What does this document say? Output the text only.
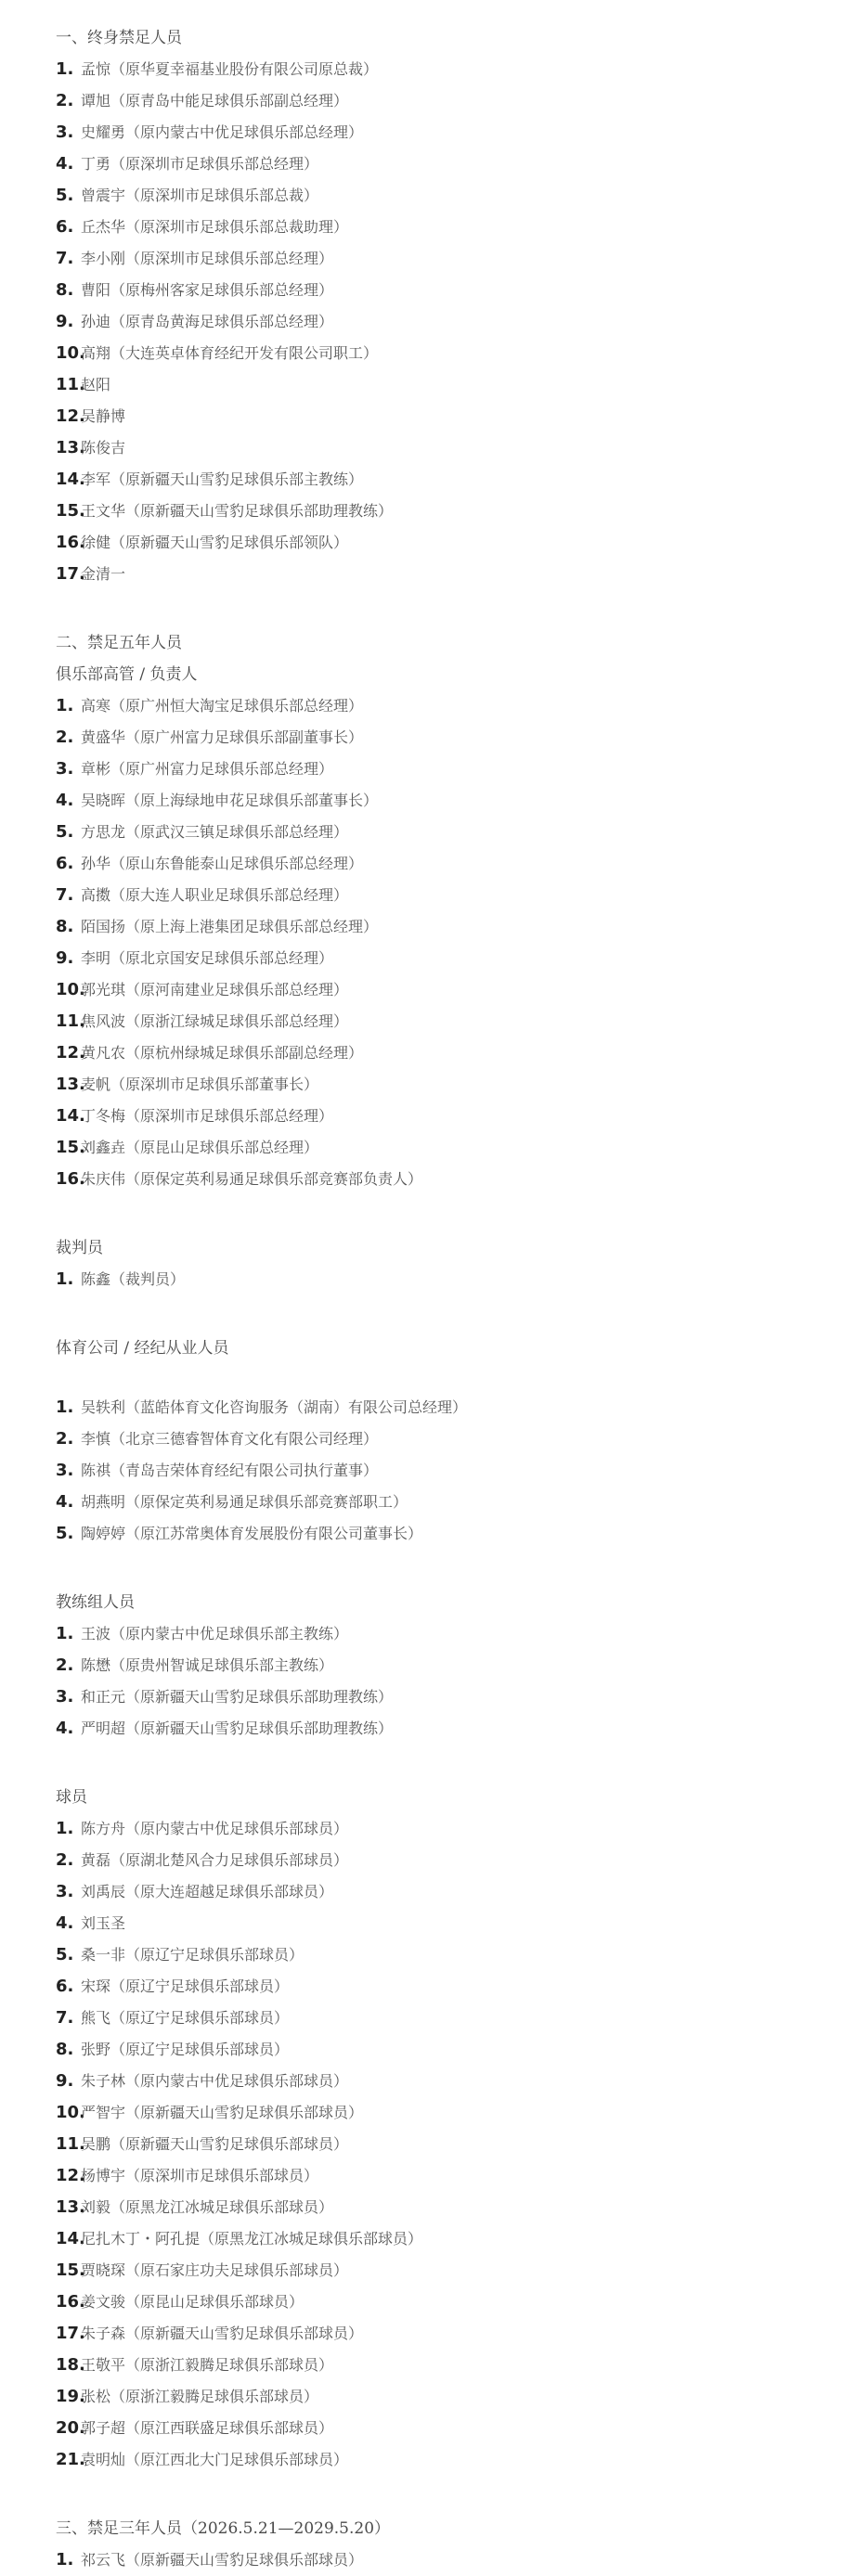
一、终身禁足人员
1. 孟惊（原华夏幸福基业股份有限公司原总裁）
2. 谭旭（原青岛中能足球俱乐部副总经理）
3. 史耀勇（原内蒙古中优足球俱乐部总经理）
4. 丁勇（原深圳市足球俱乐部总经理）
5. 曾震宇（原深圳市足球俱乐部总裁）
6. 丘杰华（原深圳市足球俱乐部总裁助理）
7. 李小刚（原深圳市足球俱乐部总经理）
8. 曹阳（原梅州客家足球俱乐部总经理）
9. 孙迪（原青岛黄海足球俱乐部总经理）
10.
高翔（大连英卓体育经纪开发有限公司职工）
11.
赵阳
12.
吴静博
13.
陈俊吉
14.
李军（原新疆天山雪豹足球俱乐部主教练）
15.
王文华（原新疆天山雪豹足球俱乐部助理教练）
16.
徐健（原新疆天山雪豹足球俱乐部领队）
17.
金清一
二、禁足五年人员
俱乐部高管 / 负责人
1. 高寒（原广州恒大淘宝足球俱乐部总经理）
2. 黄盛华（原广州富力足球俱乐部副董事长）
3. 章彬（原广州富力足球俱乐部总经理）
4. 吴晓晖（原上海绿地申花足球俱乐部董事长）
5. 方思龙（原武汉三镇足球俱乐部总经理）
6. 孙华（原山东鲁能泰山足球俱乐部总经理）
7. 高擞（原大连人职业足球俱乐部总经理）
8. 陌国扬（原上海上港集团足球俱乐部总经理）
9. 李明（原北京国安足球俱乐部总经理）
10.
郭光琪（原河南建业足球俱乐部总经理）
11.
焦风波（原浙江绿城足球俱乐部总经理）
12.
黄凡农（原杭州绿城足球俱乐部副总经理）
13.
麦帆（原深圳市足球俱乐部董事长）
14.
丁冬梅（原深圳市足球俱乐部总经理）
15.
刘鑫垚（原昆山足球俱乐部总经理）
16.
朱庆伟（原保定英利易通足球俱乐部竞赛部负责人）
裁判员
1. 陈鑫（裁判员）
体育公司 / 经纪从业人员
1. 吴轶利（蓝皓体育文化咨询服务（湖南）有限公司总经理）
2. 李慎（北京三德睿智体育文化有限公司经理）
3. 陈祺（青岛吉荣体育经纪有限公司执行董事）
4. 胡燕明（原保定英利易通足球俱乐部竞赛部职工）
5. 陶婷婷（原江苏常奥体育发展股份有限公司董事长）
教练组人员
1. 王波（原内蒙古中优足球俱乐部主教练）
2. 陈懋（原贵州智诚足球俱乐部主教练）
3. 和正元（原新疆天山雪豹足球俱乐部助理教练）
4. 严明超（原新疆天山雪豹足球俱乐部助理教练）
球员
1. 陈方舟（原内蒙古中优足球俱乐部球员）
2. 黄磊（原湖北楚风合力足球俱乐部球员）
3. 刘禹辰（原大连超越足球俱乐部球员）
4. 刘玉圣
5. 桑一非（原辽宁足球俱乐部球员）
6. 宋琛（原辽宁足球俱乐部球员）
7. 熊飞（原辽宁足球俱乐部球员）
8. 张野（原辽宁足球俱乐部球员）
9. 朱子林（原内蒙古中优足球俱乐部球员）
10.
严智宇（原新疆天山雪豹足球俱乐部球员）
11.
吴鹏（原新疆天山雪豹足球俱乐部球员）
12.
杨博宇（原深圳市足球俱乐部球员）
13.
刘毅（原黑龙江冰城足球俱乐部球员）
14.
尼扎木丁・阿孔提（原黑龙江冰城足球俱乐部球员）
15.
贾晓琛（原石家庄功夫足球俱乐部球员）
16.
姜文骏（原昆山足球俱乐部球员）
17.
朱子森（原新疆天山雪豹足球俱乐部球员）
18.
王敬平（原浙江毅腾足球俱乐部球员）
19.
张松（原浙江毅腾足球俱乐部球员）
20.
郭子超（原江西联盛足球俱乐部球员）
21.
袁明灿（原江西北大门足球俱乐部球员）
三、禁足三年人员（2026.5.21—2029.5.20）
1. 祁云飞（原新疆天山雪豹足球俱乐部球员）
